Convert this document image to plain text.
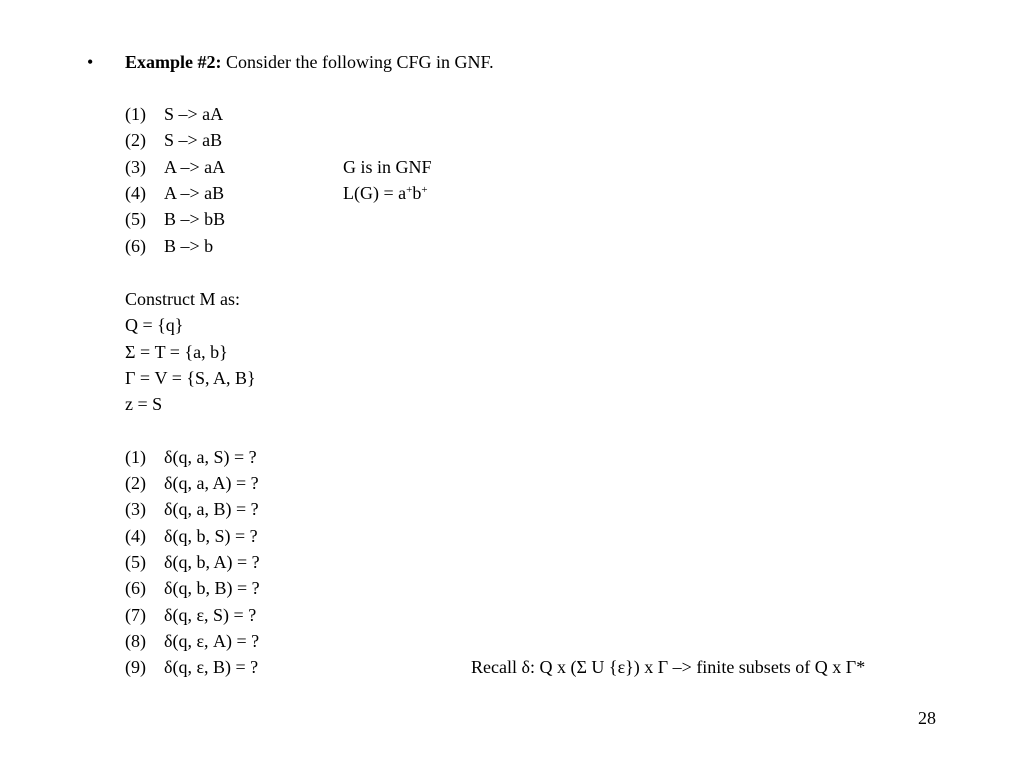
• Example #2: Consider the following CFG in GNF.
(1) S –> aA
(2) S –> aB
(3) A –> aA
(4) A –> aB
(5) B –> bB
(6) B –> b
G is in GNF
L(G) = a+b+
Construct M as:
Q = {q}
Σ = T = {a, b}
Γ = V = {S, A, B}
z = S
(1) δ(q, a, S) = ?
(2) δ(q, a, A) = ?
(3) δ(q, a, B) = ?
(4) δ(q, b, S) = ?
(5) δ(q, b, A) = ?
(6) δ(q, b, B) = ?
(7) δ(q, ε, S) = ?
(8) δ(q, ε, A) = ?
(9) δ(q, ε, B) = ?	Recall δ: Q x (Σ U {ε}) x Γ –> finite subsets of Q x Γ*
28
